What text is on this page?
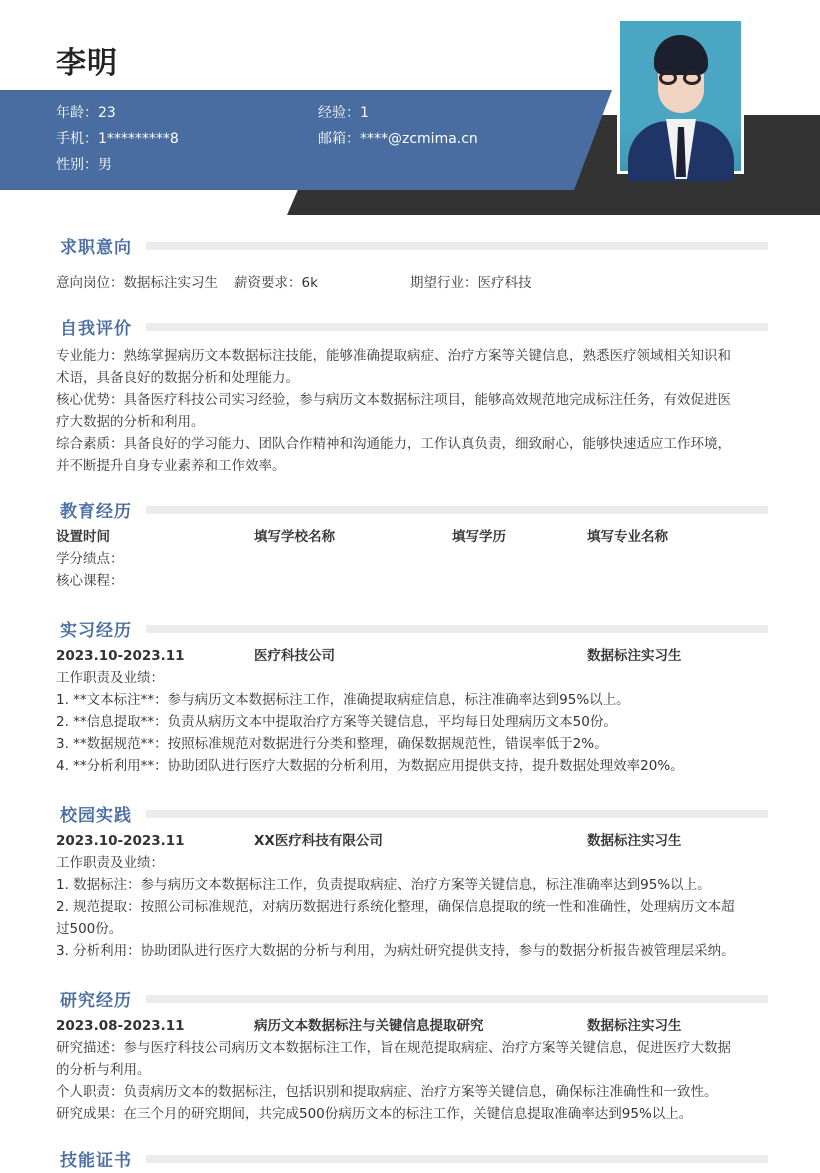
李明
年龄：23	经验：1
手机：1*********8	邮箱：****@zcmima.cn
性别：男
求职意向
意向岗位：数据标注实习生 薪资要求：6k	期望行业：医疗科技
自我评价
专业能力：熟练掌握病历文本数据标注技能，能够准确提取病症、治疗方案等关键信息，熟悉医疗领域相关知识和
术语，具备良好的数据分析和处理能力。
核心优势：具备医疗科技公司实习经验，参与病历文本数据标注项目，能够高效规范地完成标注任务，有效促进医
疗大数据的分析和利用。
综合素质：具备良好的学习能力、团队合作精神和沟通能力，工作认真负责，细致耐心，能够快速适应工作环境，
并不断提升自身专业素养和工作效率。
教育经历
设置时间	填写学校名称	填写学历	填写专业名称
学分绩点：
核心课程：
实习经历
2023.10-2023.11	医疗科技公司	数据标注实习生
工作职责及业绩：
1. **文本标注**：参与病历文本数据标注工作，准确提取病症信息，标注准确率达到95%以上。
2. **信息提取**：负责从病历文本中提取治疗方案等关键信息，平均每日处理病历文本50份。
3. **数据规范**：按照标准规范对数据进行分类和整理，确保数据规范性，错误率低于2%。
4. **分析利用**：协助团队进行医疗大数据的分析利用，为数据应用提供支持，提升数据处理效率20%。
校园实践
2023.10-2023.11	XX医疗科技有限公司	数据标注实习生
工作职责及业绩：
1. 数据标注：参与病历文本数据标注工作，负责提取病症、治疗方案等关键信息，标注准确率达到95%以上。
2. 规范提取：按照公司标准规范，对病历数据进行系统化整理，确保信息提取的统一性和准确性，处理病历文本超
过500份。
3. 分析利用：协助团队进行医疗大数据的分析与利用，为病灶研究提供支持，参与的数据分析报告被管理层采纳。
研究经历
2023.08-2023.11	病历文本数据标注与关键信息提取研究	数据标注实习生
研究描述：参与医疗科技公司病历文本数据标注工作，旨在规范提取病症、治疗方案等关键信息，促进医疗大数据
的分析与利用。
个人职责：负责病历文本的数据标注，包括识别和提取病症、治疗方案等关键信息，确保标注准确性和一致性。
研究成果：在三个月的研究期间，共完成500份病历文本的标注工作，关键信息提取准确率达到95%以上。
技能证书
